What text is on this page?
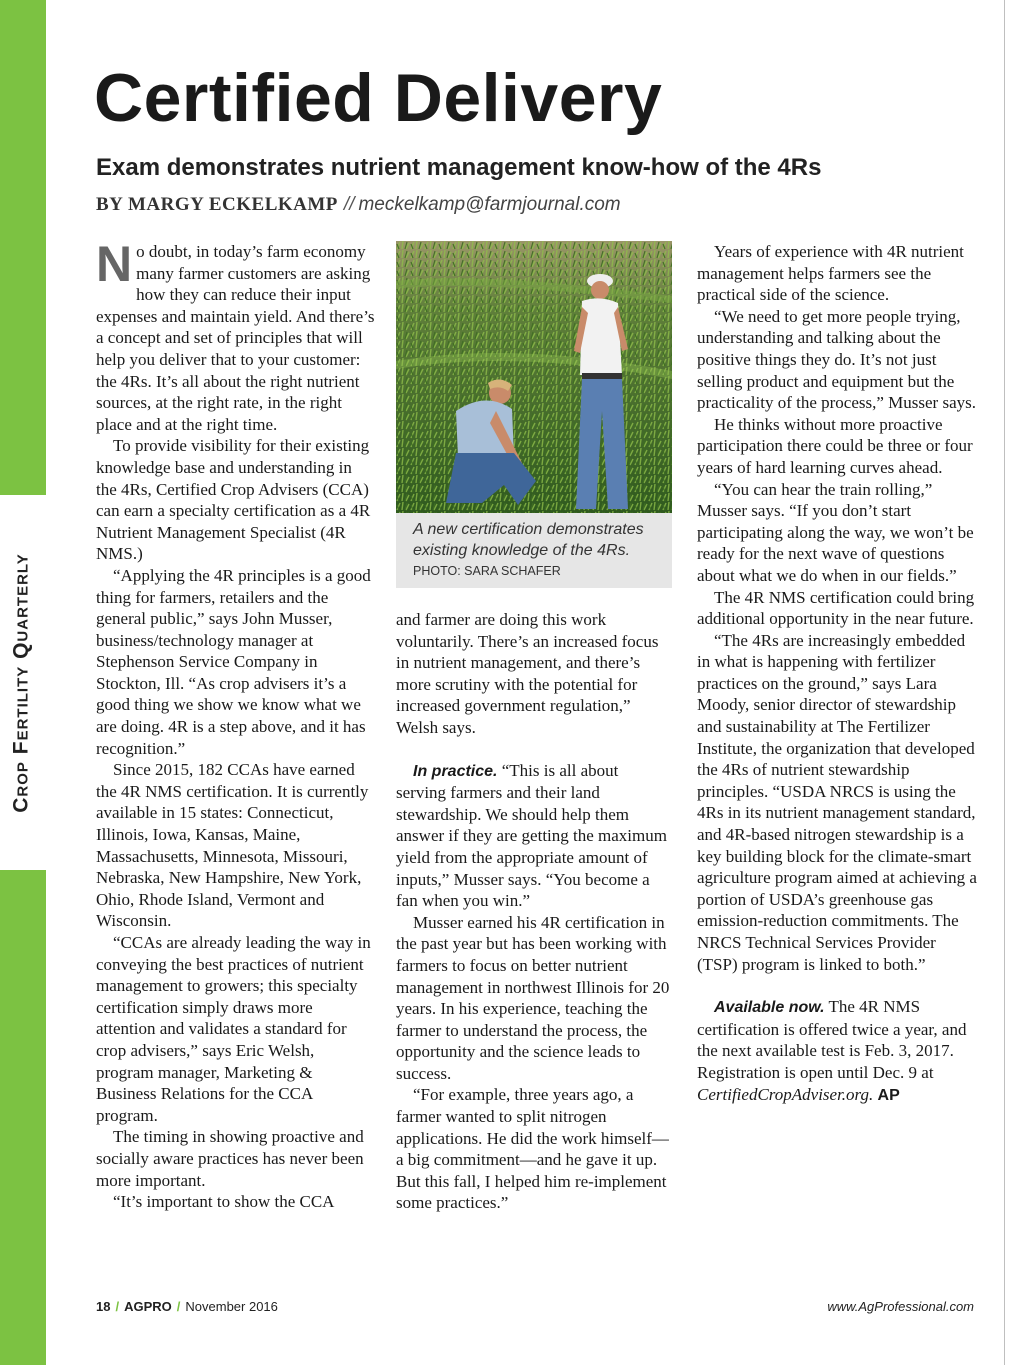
Crop Fertility Quarterly
Certified Delivery
Exam demonstrates nutrient management know-how of the 4Rs
BY MARGY ECKELKAMP // meckelkamp@farmjournal.com

No doubt, in today’s farm economy many farmer customers are asking how they can reduce their input expenses and maintain yield. And there’s a concept and set of principles that will help you deliver that to your customer: the 4Rs. It’s all about the right nutrient sources, at the right rate, in the right place and at the right time.

To provide visibility for their existing knowledge base and understanding in the 4Rs, Certified Crop Advisers (CCA) can earn a specialty certification as a 4R Nutrient Management Specialist (4R NMS.)

“Applying the 4R principles is a good thing for farmers, retailers and the general public,” says John Musser, business/technology manager at Stephenson Service Company in Stockton, Ill. “As crop advisers it’s a good thing we show we know what we are doing. 4R is a step above, and it has recognition.”

Since 2015, 182 CCAs have earned the 4R NMS certification. It is currently available in 15 states: Connecticut, Illinois, Iowa, Kansas, Maine, Massachusetts, Minnesota, Missouri, Nebraska, New Hampshire, New York, Ohio, Rhode Island, Vermont and Wisconsin.

“CCAs are already leading the way in conveying the best practices of nutrient management to growers; this specialty certification simply draws more attention and validates a standard for crop advisers,” says Eric Welsh, program manager, Marketing & Business Relations for the CCA program.

The timing in showing proactive and socially aware practices has never been more important.

“It’s important to show the CCA

A new certification demonstrates existing knowledge of the 4Rs.
PHOTO: SARA SCHAFER

and farmer are doing this work voluntarily. There’s an increased focus in nutrient management, and there’s more scrutiny with the potential for increased government regulation,” Welsh says.

In practice. “This is all about serving farmers and their land stewardship. We should help them answer if they are getting the maximum yield from the appropriate amount of inputs,” Musser says. “You become a fan when you win.”

Musser earned his 4R certification in the past year but has been working with farmers to focus on better nutrient management in northwest Illinois for 20 years. In his experience, teaching the farmer to understand the process, the opportunity and the science leads to success.

“For example, three years ago, a farmer wanted to split nitrogen applications. He did the work himself—a big commitment—and he gave it up. But this fall, I helped him re-implement some practices.”

Years of experience with 4R nutrient management helps farmers see the practical side of the science.

“We need to get more people trying, understanding and talking about the positive things they do. It’s not just selling product and equipment but the practicality of the process,” Musser says.

He thinks without more proactive participation there could be three or four years of hard learning curves ahead.

“You can hear the train rolling,” Musser says. “If you don’t start participating along the way, we won’t be ready for the next wave of questions about what we do when in our fields.”

The 4R NMS certification could bring additional opportunity in the near future.

“The 4Rs are increasingly embedded in what is happening with fertilizer practices on the ground,” says Lara Moody, senior director of stewardship and sustainability at The Fertilizer Institute, the organization that developed the 4Rs of nutrient stewardship principles. “USDA NRCS is using the 4Rs in its nutrient management standard, and 4R-based nitrogen stewardship is a key building block for the climate-smart agriculture program aimed at achieving a portion of USDA’s greenhouse gas emission-reduction commitments. The NRCS Technical Services Provider (TSP) program is linked to both.”

Available now. The 4R NMS certification is offered twice a year, and the next available test is Feb. 3, 2017. Registration is open until Dec. 9 at CertifiedCropAdviser.org. AP

18 / AGPRO / November 2016	www.AgProfessional.com
